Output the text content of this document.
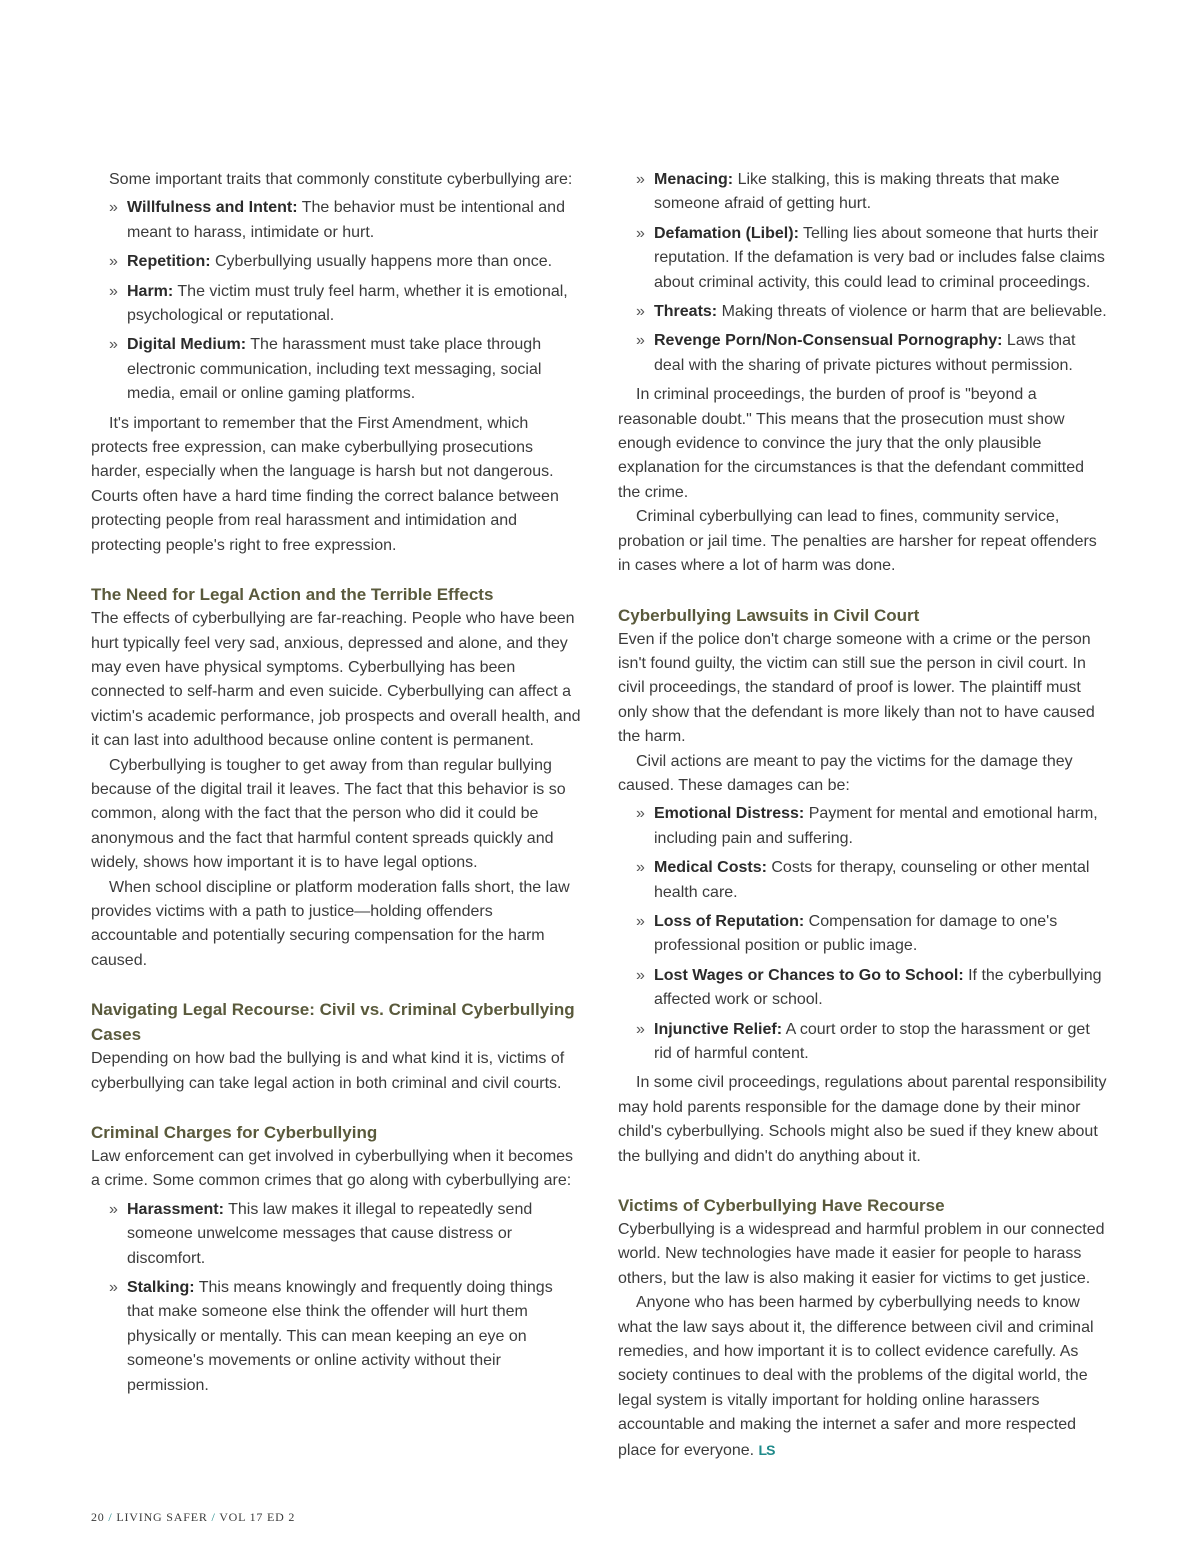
Some important traits that commonly constitute cyberbullying are:

» Willfulness and Intent: The behavior must be intentional and meant to harass, intimidate or hurt.
» Repetition: Cyberbullying usually happens more than once.
» Harm: The victim must truly feel harm, whether it is emotional, psychological or reputational.
» Digital Medium: The harassment must take place through electronic communication, including text messaging, social media, email or online gaming platforms.

It's important to remember that the First Amendment, which protects free expression, can make cyberbullying prosecutions harder, especially when the language is harsh but not dangerous. Courts often have a hard time finding the correct balance between protecting people from real harassment and intimidation and protecting people's right to free expression.

The Need for Legal Action and the Terrible Effects

The effects of cyberbullying are far-reaching. People who have been hurt typically feel very sad, anxious, depressed and alone, and they may even have physical symptoms. Cyberbullying has been connected to self-harm and even suicide. Cyberbullying can affect a victim's academic performance, job prospects and overall health, and it can last into adulthood because online content is permanent.

Cyberbullying is tougher to get away from than regular bullying because of the digital trail it leaves. The fact that this behavior is so common, along with the fact that the person who did it could be anonymous and the fact that harmful content spreads quickly and widely, shows how important it is to have legal options.

When school discipline or platform moderation falls short, the law provides victims with a path to justice—holding offenders accountable and potentially securing compensation for the harm caused.

Navigating Legal Recourse: Civil vs. Criminal Cyberbullying Cases

Depending on how bad the bullying is and what kind it is, victims of cyberbullying can take legal action in both criminal and civil courts.

Criminal Charges for Cyberbullying

Law enforcement can get involved in cyberbullying when it becomes a crime. Some common crimes that go along with cyberbullying are:

» Harassment: This law makes it illegal to repeatedly send someone unwelcome messages that cause distress or discomfort.
» Stalking: This means knowingly and frequently doing things that make someone else think the offender will hurt them physically or mentally. This can mean keeping an eye on someone's movements or online activity without their permission.
» Menacing: Like stalking, this is making threats that make someone afraid of getting hurt.
» Defamation (Libel): Telling lies about someone that hurts their reputation. If the defamation is very bad or includes false claims about criminal activity, this could lead to criminal proceedings.
» Threats: Making threats of violence or harm that are believable.
» Revenge Porn/Non-Consensual Pornography: Laws that deal with the sharing of private pictures without permission.

In criminal proceedings, the burden of proof is "beyond a reasonable doubt." This means that the prosecution must show enough evidence to convince the jury that the only plausible explanation for the circumstances is that the defendant committed the crime.

Criminal cyberbullying can lead to fines, community service, probation or jail time. The penalties are harsher for repeat offenders in cases where a lot of harm was done.

Cyberbullying Lawsuits in Civil Court

Even if the police don't charge someone with a crime or the person isn't found guilty, the victim can still sue the person in civil court. In civil proceedings, the standard of proof is lower. The plaintiff must only show that the defendant is more likely than not to have caused the harm.

Civil actions are meant to pay the victims for the damage they caused. These damages can be:

» Emotional Distress: Payment for mental and emotional harm, including pain and suffering.
» Medical Costs: Costs for therapy, counseling or other mental health care.
» Loss of Reputation: Compensation for damage to one's professional position or public image.
» Lost Wages or Chances to Go to School: If the cyberbullying affected work or school.
» Injunctive Relief: A court order to stop the harassment or get rid of harmful content.

In some civil proceedings, regulations about parental responsibility may hold parents responsible for the damage done by their minor child's cyberbullying. Schools might also be sued if they knew about the bullying and didn't do anything about it.

Victims of Cyberbullying Have Recourse

Cyberbullying is a widespread and harmful problem in our connected world. New technologies have made it easier for people to harass others, but the law is also making it easier for victims to get justice.

Anyone who has been harmed by cyberbullying needs to know what the law says about it, the difference between civil and criminal remedies, and how important it is to collect evidence carefully. As society continues to deal with the problems of the digital world, the legal system is vitally important for holding online harassers accountable and making the internet a safer and more respected place for everyone. LS

20 / LIVING SAFER / VOL 17 ED 2
